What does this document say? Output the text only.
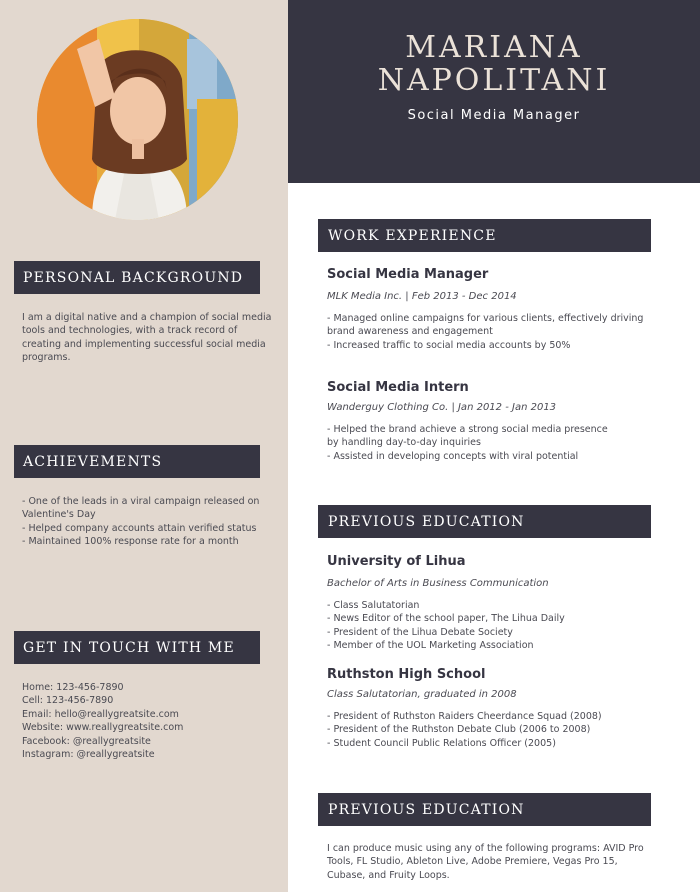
MARIANA
NAPOLITANI
Social Media Manager
PERSONAL BACKGROUND
I am a digital native and a champion of social media
tools and technologies, with a track record of
creating and implementing successful social media
programs.
ACHIEVEMENTS
- One of the leads in a viral campaign released on
Valentine's Day
- Helped company accounts attain verified status
- Maintained 100% response rate for a month
GET IN TOUCH WITH ME
Home: 123-456-7890
Cell: 123-456-7890
Email: hello@reallygreatsite.com
Website: www.reallygreatsite.com
Facebook: @reallygreatsite
Instagram: @reallygreatsite
WORK EXPERIENCE
Social Media Manager
MLK Media Inc. | Feb 2013 - Dec 2014
- Managed online campaigns for various clients, effectively driving
brand awareness and engagement
- Increased traffic to social media accounts by 50%
Social Media Intern
Wanderguy Clothing Co. | Jan 2012 - Jan 2013
- Helped the brand achieve a strong social media presence
by handling day-to-day inquiries
- Assisted in developing concepts with viral potential
PREVIOUS EDUCATION
University of Lihua
Bachelor of Arts in Business Communication
- Class Salutatorian
- News Editor of the school paper, The Lihua Daily
- President of the Lihua Debate Society
- Member of the UOL Marketing Association
Ruthston High School
Class Salutatorian, graduated in 2008
- President of Ruthston Raiders Cheerdance Squad (2008)
- President of the Ruthston Debate Club (2006 to 2008)
- Student Council Public Relations Officer (2005)
PREVIOUS EDUCATION
I can produce music using any of the following programs: AVID Pro
Tools, FL Studio, Ableton Live, Adobe Premiere, Vegas Pro 15,
Cubase, and Fruity Loops.
